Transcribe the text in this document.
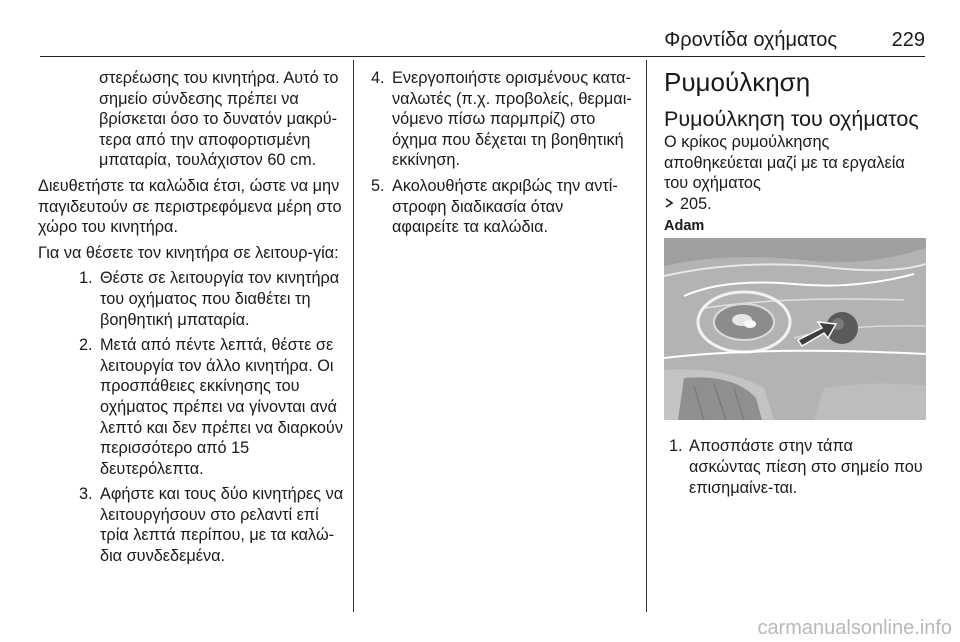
Φροντίδα οχήματος	229

στερέωσης του κινητήρα. Αυτό το σημείο σύνδεσης πρέπει να βρίσκεται όσο το δυνατόν μακρύ-τερα από την αποφορτισμένη μπαταρία, τουλάχιστον 60 cm.

Διευθετήστε τα καλώδια έτσι, ώστε να μην παγιδευτούν σε περιστρεφόμενα μέρη στο χώρο του κινητήρα.

Για να θέσετε τον κινητήρα σε λειτουρ-γία:

1. Θέστε σε λειτουργία τον κινητήρα του οχήματος που διαθέτει τη βοηθητική μπαταρία.
2. Μετά από πέντε λεπτά, θέστε σε λειτουργία τον άλλο κινητήρα. Οι προσπάθειες εκκίνησης του οχήματος πρέπει να γίνονται ανά λεπτό και δεν πρέπει να διαρκούν περισσότερο από 15 δευτερόλεπτα.
3. Αφήστε και τους δύο κινητήρες να λειτουργήσουν στο ρελαντί επί τρία λεπτά περίπου, με τα καλώ-δια συνδεδεμένα.
4. Ενεργοποιήστε ορισμένους κατα-ναλωτές (π.χ. προβολείς, θερμαι-νόμενο πίσω παρμπρίζ) στο όχημα που δέχεται τη βοηθητική εκκίνηση.
5. Ακολουθήστε ακριβώς την αντί-στροφη διαδικασία όταν αφαιρείτε τα καλώδια.
Ρυμούλκηση
Ρυμούλκηση του οχήματος

Ο κρίκος ρυμούλκησης αποθηκεύεται μαζί με τα εργαλεία του οχήματος
205.

Adam
1. Αποσπάστε στην τάπα ασκώντας πίεση στο σημείο που επισημαίνε-ται.
carmanualsonline.info
